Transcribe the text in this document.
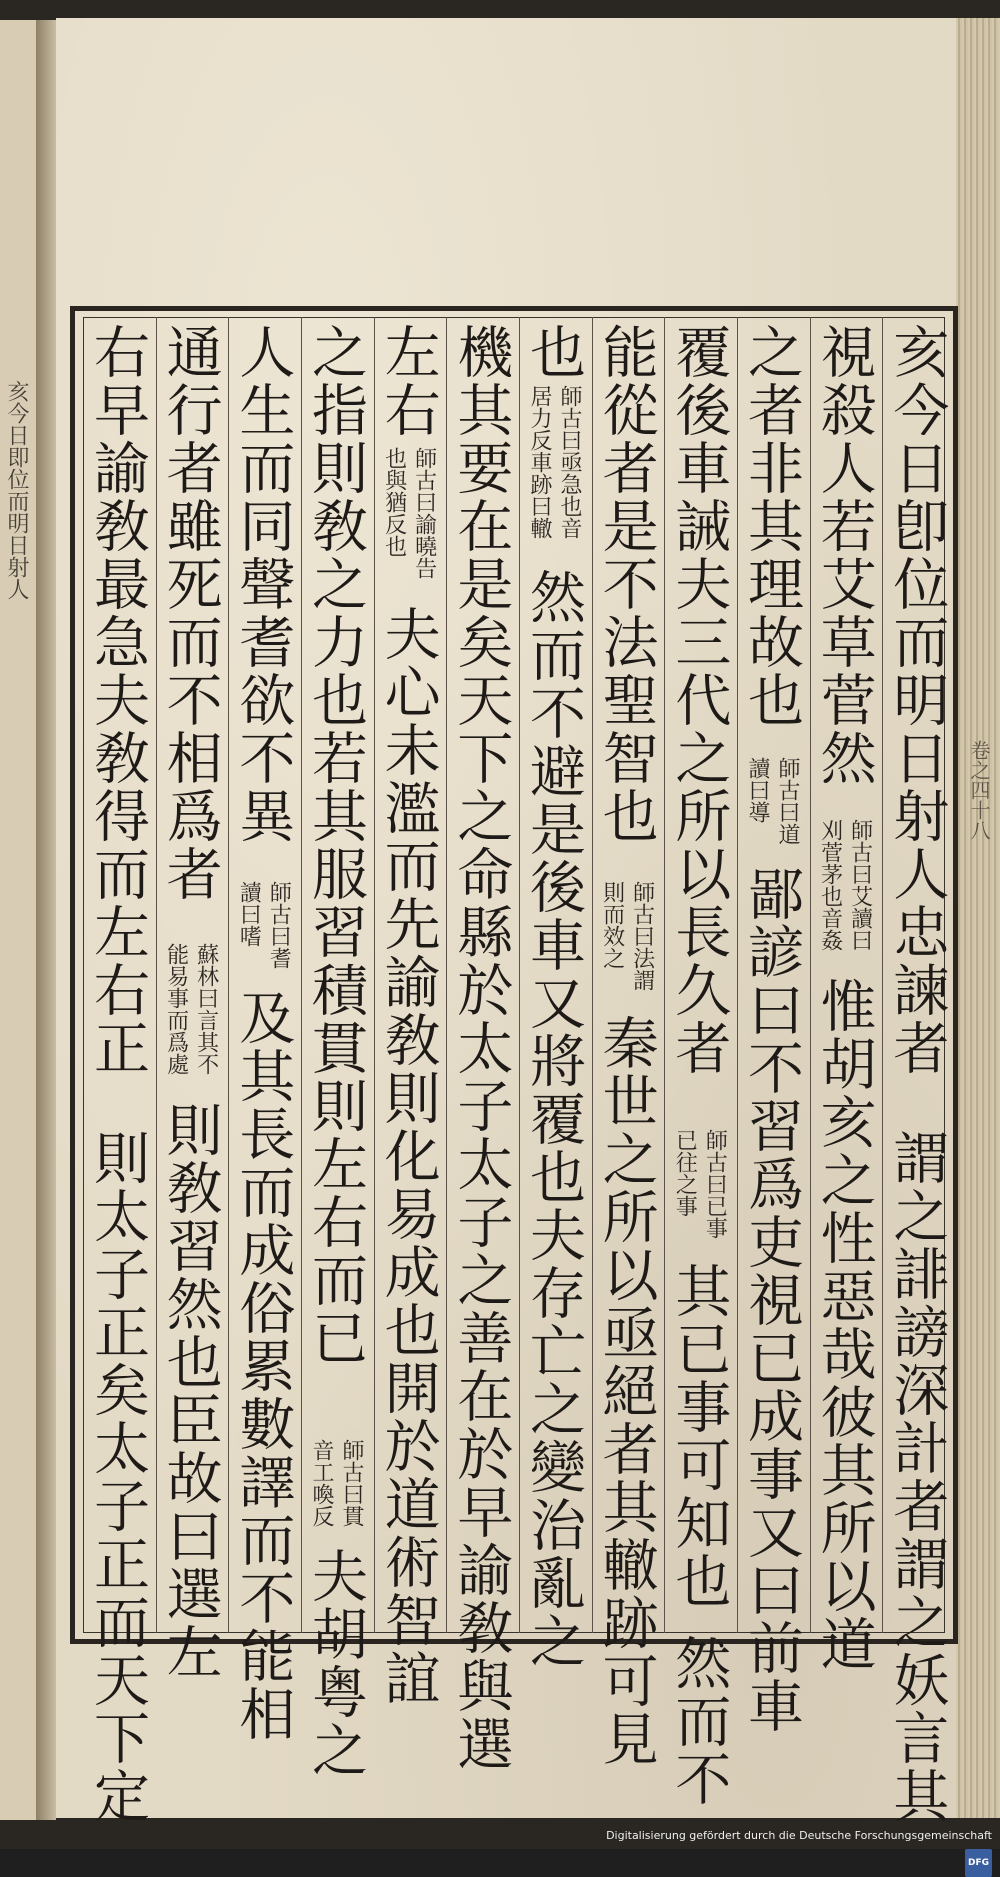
亥今日即位而明日射人
卷之四十八
亥今日卽位而明日射人忠諫者
謂之誹謗深計者謂之妖言其
視殺人若艾草菅然
師古曰艾讀曰
刈菅茅也音姦
惟胡亥之性惡哉彼其所以道
之者非其理故也
師古曰道
讀曰導
鄙諺曰不習爲吏視已成事又曰前車
覆後車誡夫三代之所以長久者
師古曰已事
已往之事
其已事可知也
然而不
能從者是不法聖智也
師古曰法謂
則而效之
秦世之所以亟絕者其轍跡可見
也
師古曰亟急也音
居力反車跡曰轍
然而不避是後車又將覆也夫存亡之變治亂之
機其要在是矣天下之命縣於太子太子之善在於早諭敎與選
左右
師古曰諭曉告
也與猶反也
夫心未濫而先諭敎則化易成也開於道術智誼
之指則敎之力也若其服習積貫則左右而已
師古曰貫
音工喚反
夫胡粤之
人生而同聲耆欲不異
師古曰耆
讀曰嗜
及其長而成俗累數譯而不能相
通行者雖死而不相爲者
蘇林曰言其不
能易事而爲處
則敎習然也臣故曰選左
右早諭敎最急夫敎得而左右正
則太子正矣太子正而天下定
Digitalisierung gefördert durch die Deutsche Forschungsgemeinschaft DFG
